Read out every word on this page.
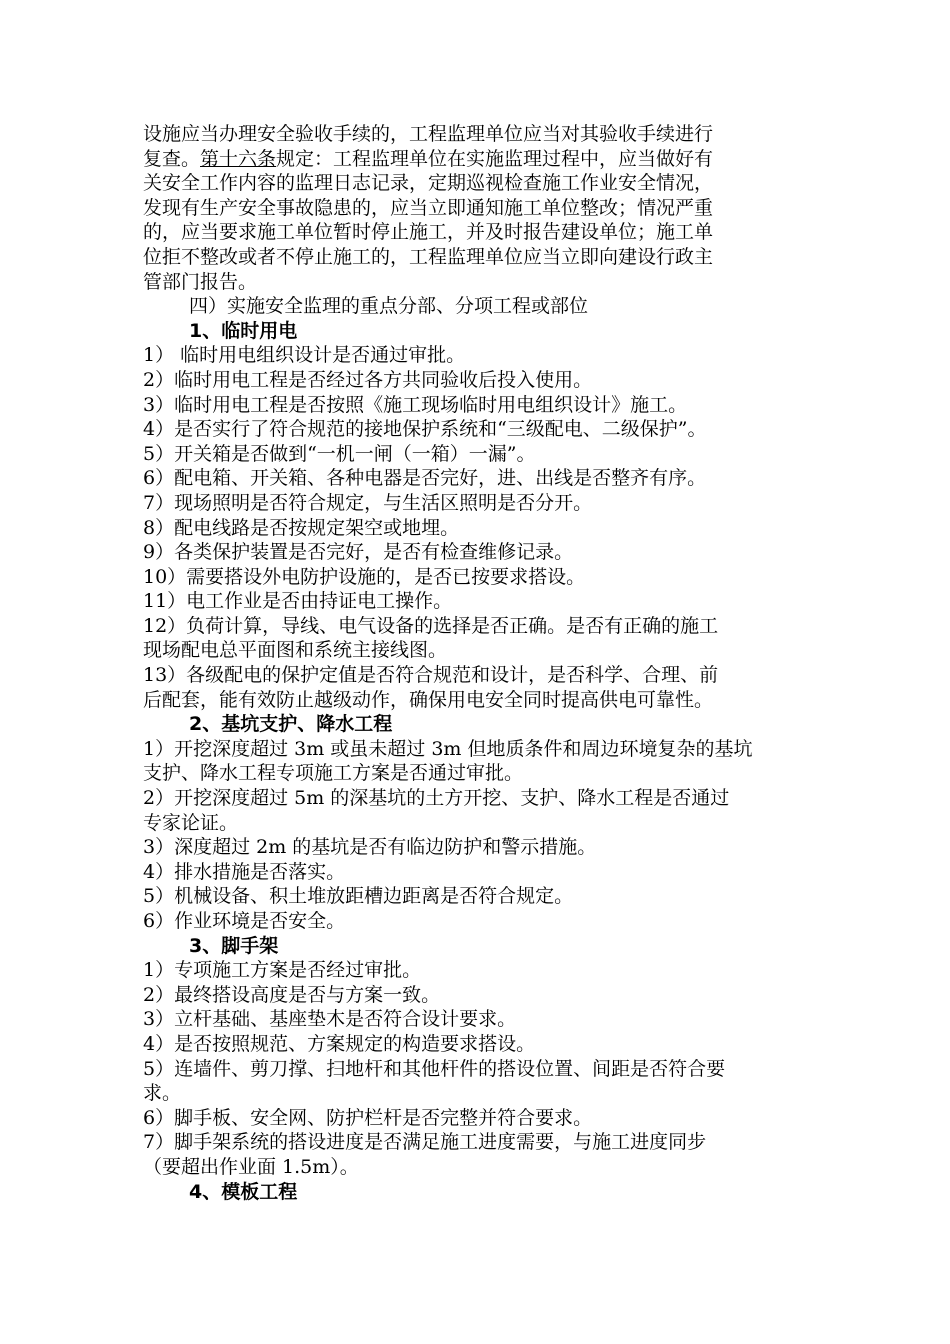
设施应当办理安全验收手续的，工程监理单位应当对其验收手续进行
复查。第十六条规定：工程监理单位在实施监理过程中，应当做好有
关安全工作内容的监理日志记录，定期巡视检查施工作业安全情况，
发现有生产安全事故隐患的，应当立即通知施工单位整改；情况严重
的，应当要求施工单位暂时停止施工，并及时报告建设单位；施工单
位拒不整改或者不停止施工的，工程监理单位应当立即向建设行政主
管部门报告。
四）实施安全监理的重点分部、分项工程或部位
1、临时用电
1） 临时用电组织设计是否通过审批。
2）临时用电工程是否经过各方共同验收后投入使用。
3）临时用电工程是否按照《施工现场临时用电组织设计》施工。
4）是否实行了符合规范的接地保护系统和“三级配电、二级保护”。
5）开关箱是否做到“一机一闸（一箱）一漏”。
6）配电箱、开关箱、各种电器是否完好，进、出线是否整齐有序。
7）现场照明是否符合规定，与生活区照明是否分开。
8）配电线路是否按规定架空或地埋。
9）各类保护装置是否完好，是否有检查维修记录。
10）需要搭设外电防护设施的，是否已按要求搭设。
11）电工作业是否由持证电工操作。
12）负荷计算，导线、电气设备的选择是否正确。是否有正确的施工
现场配电总平面图和系统主接线图。
13）各级配电的保护定值是否符合规范和设计，是否科学、合理、前
后配套，能有效防止越级动作，确保用电安全同时提高供电可靠性。
2、基坑支护、降水工程
1）开挖深度超过 3m 或虽未超过 3m 但地质条件和周边环境复杂的基坑
支护、降水工程专项施工方案是否通过审批。
2）开挖深度超过 5m 的深基坑的土方开挖、支护、降水工程是否通过
专家论证。
3）深度超过 2m 的基坑是否有临边防护和警示措施。
4）排水措施是否落实。
5）机械设备、积土堆放距槽边距离是否符合规定。
6）作业环境是否安全。
3、脚手架
1）专项施工方案是否经过审批。
2）最终搭设高度是否与方案一致。
3）立杆基础、基座垫木是否符合设计要求。
4）是否按照规范、方案规定的构造要求搭设。
5）连墙件、剪刀撑、扫地杆和其他杆件的搭设位置、间距是否符合要
求。
6）脚手板、安全网、防护栏杆是否完整并符合要求。
7）脚手架系统的搭设进度是否满足施工进度需要，与施工进度同步
（要超出作业面 1.5m）。
4、模板工程
